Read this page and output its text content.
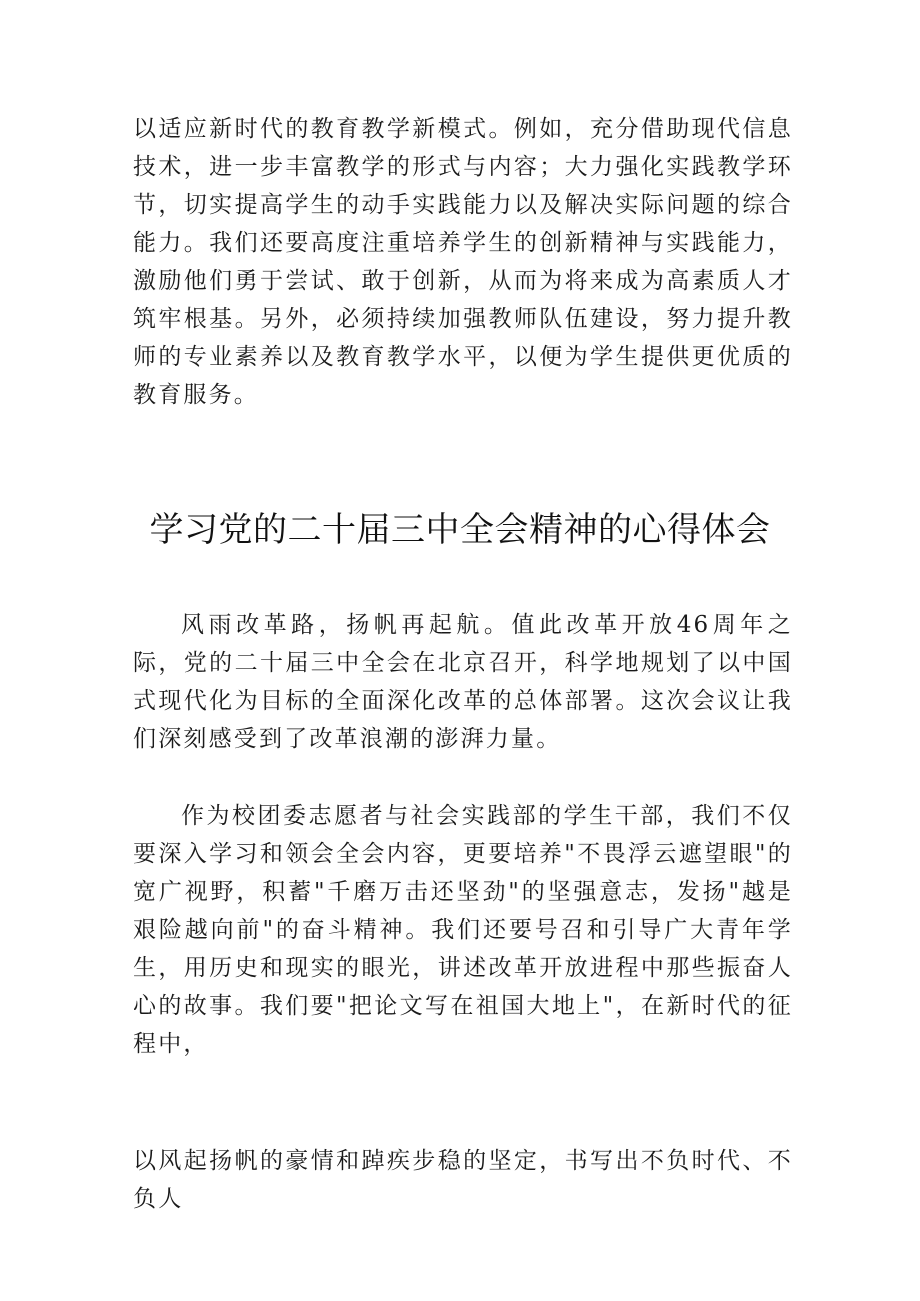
以适应新时代的教育教学新模式。例如，充分借助现代信息技术，进一步丰富教学的形式与内容；大力强化实践教学环节，切实提高学生的动手实践能力以及解决实际问题的综合能力。我们还要高度注重培养学生的创新精神与实践能力，激励他们勇于尝试、敢于创新，从而为将来成为高素质人才筑牢根基。另外，必须持续加强教师队伍建设，努力提升教师的专业素养以及教育教学水平，以便为学生提供更优质的教育服务。

学习党的二十届三中全会精神的心得体会

风雨改革路，扬帆再起航。值此改革开放46周年之际，党的二十届三中全会在北京召开，科学地规划了以中国式现代化为目标的全面深化改革的总体部署。这次会议让我们深刻感受到了改革浪潮的澎湃力量。

作为校团委志愿者与社会实践部的学生干部，我们不仅要深入学习和领会全会内容，更要培养"不畏浮云遮望眼"的宽广视野，积蓄"千磨万击还坚劲"的坚强意志，发扬"越是艰险越向前"的奋斗精神。我们还要号召和引导广大青年学生，用历史和现实的眼光，讲述改革开放进程中那些振奋人心的故事。我们要"把论文写在祖国大地上"，在新时代的征程中，

以风起扬帆的豪情和踔疾步稳的坚定，书写出不负时代、不负人
